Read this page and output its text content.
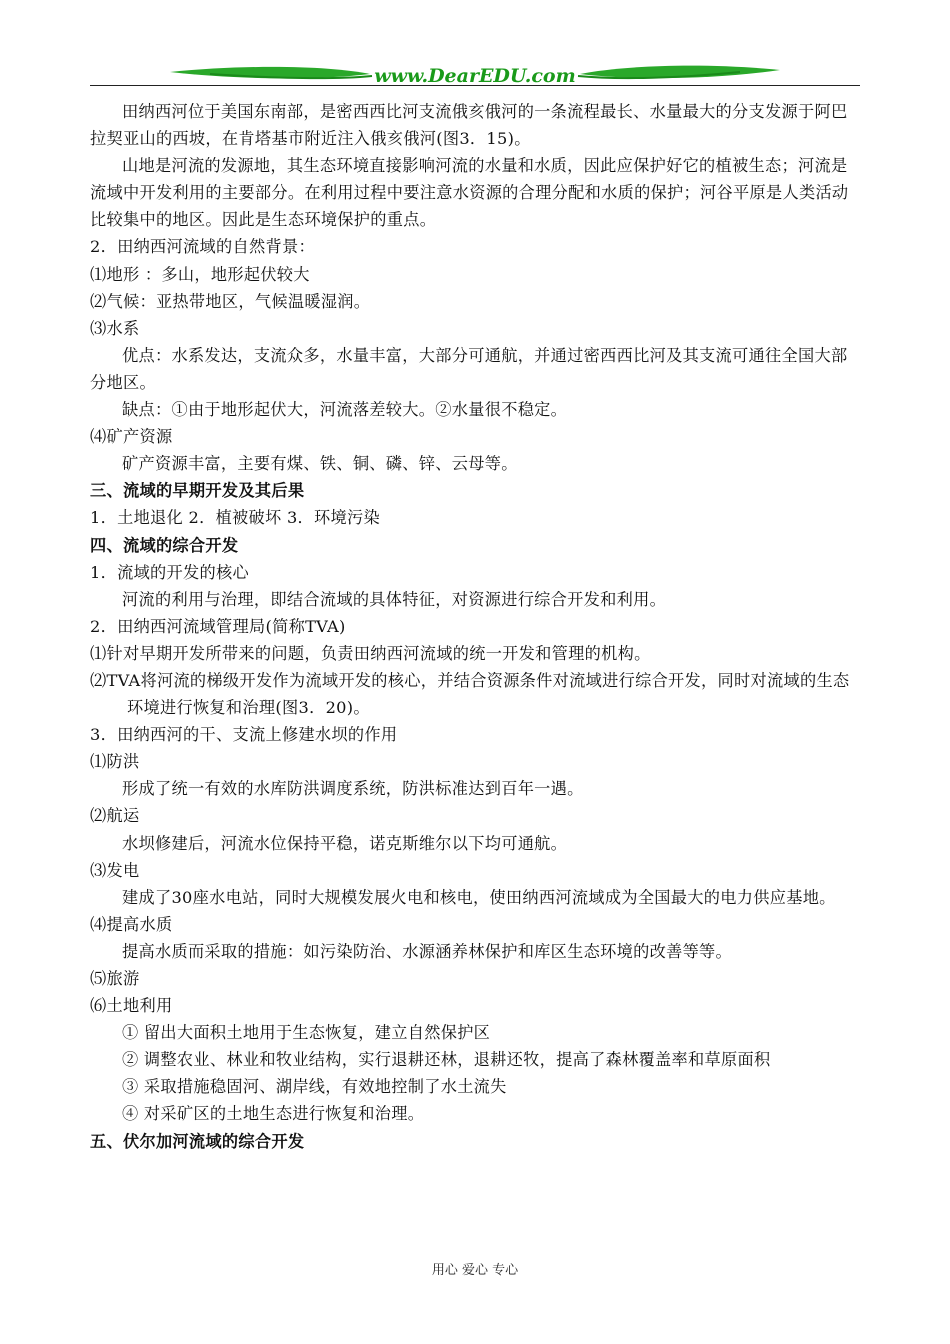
www.DearEDU.com
田纳西河位于美国东南部，是密西西比河支流俄亥俄河的一条流程最长、水量最大的分支发源于阿巴拉契亚山的西坡，在肯塔基市附近注入俄亥俄河(图3．15)。
山地是河流的发源地，其生态环境直接影响河流的水量和水质，因此应保护好它的植被生态；河流是流域中开发利用的主要部分。在利用过程中要注意水资源的合理分配和水质的保护；河谷平原是人类活动比较集中的地区。因此是生态环境保护的重点。
2．田纳西河流域的自然背景：
⑴地形 ：多山，地形起伏较大
⑵气候：亚热带地区，气候温暖湿润。
⑶水系
优点：水系发达，支流众多，水量丰富，大部分可通航，并通过密西西比河及其支流可通往全国大部分地区。
缺点：①由于地形起伏大，河流落差较大。②水量很不稳定。
⑷矿产资源
矿产资源丰富，主要有煤、铁、铜、磷、锌、云母等。
三、流域的早期开发及其后果
1．土地退化 2．植被破坏 3．环境污染
四、流域的综合开发
1．流域的开发的核心
河流的利用与治理，即结合流域的具体特征，对资源进行综合开发和利用。
2．田纳西河流域管理局(简称TVA)
⑴针对早期开发所带来的问题，负责田纳西河流域的统一开发和管理的机构。
⑵TVA将河流的梯级开发作为流域开发的核心，并结合资源条件对流域进行综合开发，同时对流域的生态环境进行恢复和治理(图3．20)。
3．田纳西河的干、支流上修建水坝的作用
⑴防洪
形成了统一有效的水库防洪调度系统，防洪标准达到百年一遇。
⑵航运
水坝修建后，河流水位保持平稳，诺克斯维尔以下均可通航。
⑶发电
建成了30座水电站，同时大规模发展火电和核电，使田纳西河流域成为全国最大的电力供应基地。
⑷提高水质
提高水质而采取的措施：如污染防治、水源涵养林保护和库区生态环境的改善等等。
⑸旅游
⑹土地利用
① 留出大面积土地用于生态恢复，建立自然保护区
② 调整农业、林业和牧业结构，实行退耕还林，退耕还牧，提高了森林覆盖率和草原面积
③ 采取措施稳固河、湖岸线，有效地控制了水土流失
④ 对采矿区的土地生态进行恢复和治理。
五、伏尔加河流域的综合开发
用心 爱心 专心
